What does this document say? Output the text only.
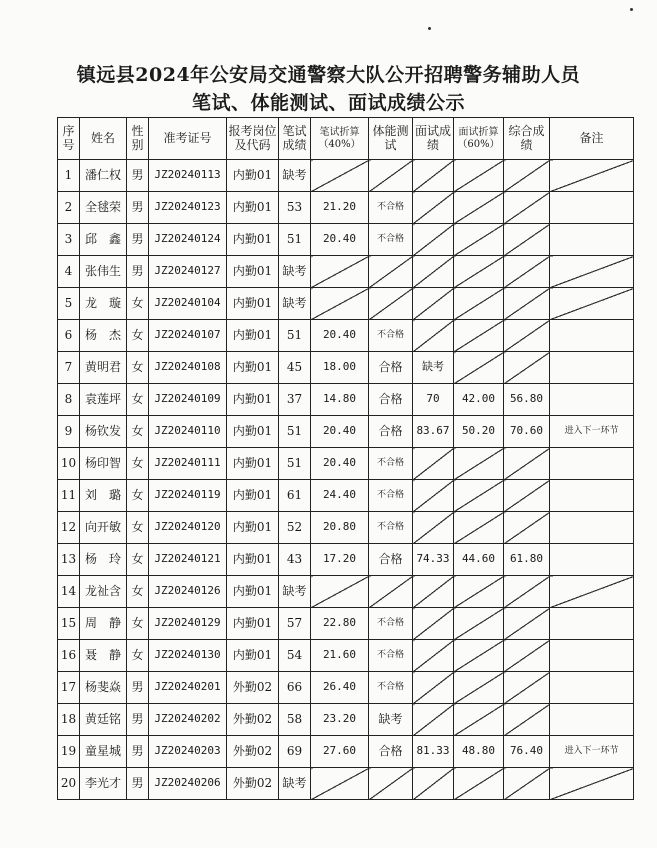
镇远县2024年公安局交通警察大队公开招聘警务辅助人员
笔试、体能测试、面试成绩公示
序号	姓名	性别	准考证号	报考岗位及代码	笔试成绩	笔试折算（40%）	体能测试	面试成绩	面试折算（60%）	综合成绩	备注
1	潘仁权	男	JZ20240113	内勤01	缺考						
2	全毬荣	男	JZ20240123	内勤01	53	21.20	不合格				
3	邱　鑫	男	JZ20240124	内勤01	51	20.40	不合格				
4	张伟生	男	JZ20240127	内勤01	缺考						
5	龙　璇	女	JZ20240104	内勤01	缺考						
6	杨　杰	女	JZ20240107	内勤01	51	20.40	不合格				
7	黄明君	女	JZ20240108	内勤01	45	18.00	合格	缺考			
8	袁莲坪	女	JZ20240109	内勤01	37	14.80	合格	70	42.00	56.80	
9	杨钦发	女	JZ20240110	内勤01	51	20.40	合格	83.67	50.20	70.60	进入下一环节
10	杨印智	女	JZ20240111	内勤01	51	20.40	不合格				
11	刘　璐	女	JZ20240119	内勤01	61	24.40	不合格				
12	向开敏	女	JZ20240120	内勤01	52	20.80	不合格				
13	杨　玲	女	JZ20240121	内勤01	43	17.20	合格	74.33	44.60	61.80	
14	龙祉含	女	JZ20240126	内勤01	缺考						
15	周　静	女	JZ20240129	内勤01	57	22.80	不合格				
16	聂　静	女	JZ20240130	内勤01	54	21.60	不合格				
17	杨斐焱	男	JZ20240201	外勤02	66	26.40	不合格				
18	黄廷铭	男	JZ20240202	外勤02	58	23.20	缺考				
19	童星城	男	JZ20240203	外勤02	69	27.60	合格	81.33	48.80	76.40	进入下一环节
20	李光才	男	JZ20240206	外勤02	缺考						
